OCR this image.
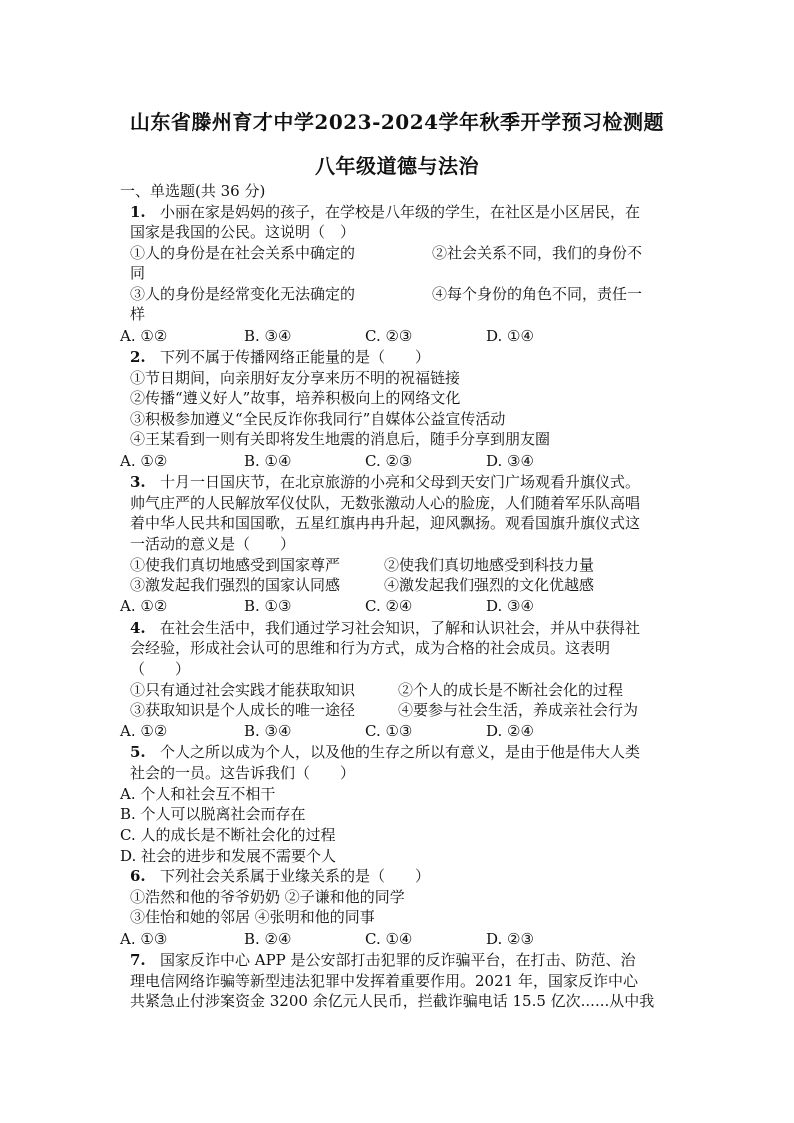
山东省滕州育才中学2023-2024学年秋季开学预习检测题
八年级道德与法治
一、单选题(共 36 分)
1. 小丽在家是妈妈的孩子，在学校是八年级的学生，在社区是小区居民，在
国家是我国的公民。这说明（　）
①人的身份是在社会关系中确定的	②社会关系不同，我们的身份不
同
③人的身份是经常变化无法确定的	④每个身份的角色不同，责任一
样
A. ①②	B. ③④	C. ②③	D. ①④
2. 下列不属于传播网络正能量的是（　　）
①节日期间，向亲朋好友分享来历不明的祝福链接
②传播“遵义好人”故事，培养积极向上的网络文化
③积极参加遵义“全民反诈你我同行”自媒体公益宣传活动
④王某看到一则有关即将发生地震的消息后，随手分享到朋友圈
A. ①②	B. ①④	C. ②③	D. ③④
3. 十月一日国庆节，在北京旅游的小亮和父母到天安门广场观看升旗仪式。
帅气庄严的人民解放军仪仗队，无数张激动人心的脸庞，人们随着军乐队高唱
着中华人民共和国国歌，五星红旗冉冉升起，迎风飘扬。观看国旗升旗仪式这
一活动的意义是（　　）
①使我们真切地感受到国家尊严	②使我们真切地感受到科技力量
③激发起我们强烈的国家认同感	④激发起我们强烈的文化优越感
A. ①②	B. ①③	C. ②④	D. ③④
4. 在社会生活中，我们通过学习社会知识，了解和认识社会，并从中获得社
会经验，形成社会认可的思维和行为方式，成为合格的社会成员。这表明
（　　）
①只有通过社会实践才能获取知识	②个人的成长是不断社会化的过程
③获取知识是个人成长的唯一途径	④要参与社会生活，养成亲社会行为
A. ①②	B. ③④	C. ①③	D. ②④
5. 个人之所以成为个人，以及他的生存之所以有意义，是由于他是伟大人类
社会的一员。这告诉我们（　　）
A. 个人和社会互不相干
B. 个人可以脱离社会而存在
C. 人的成长是不断社会化的过程
D. 社会的进步和发展不需要个人
6. 下列社会关系属于业缘关系的是（　　）
①浩然和他的爷爷奶奶 ②子谦和他的同学
③佳怡和她的邻居 ④张明和他的同事
A. ①③	B. ②④	C. ①④	D. ②③
7. 国家反诈中心 APP 是公安部打击犯罪的反诈骗平台，在打击、防范、治
理电信网络诈骗等新型违法犯罪中发挥着重要作用。2021 年，国家反诈中心
共紧急止付涉案资金 3200 余亿元人民币，拦截诈骗电话 15.5 亿次......从中我
